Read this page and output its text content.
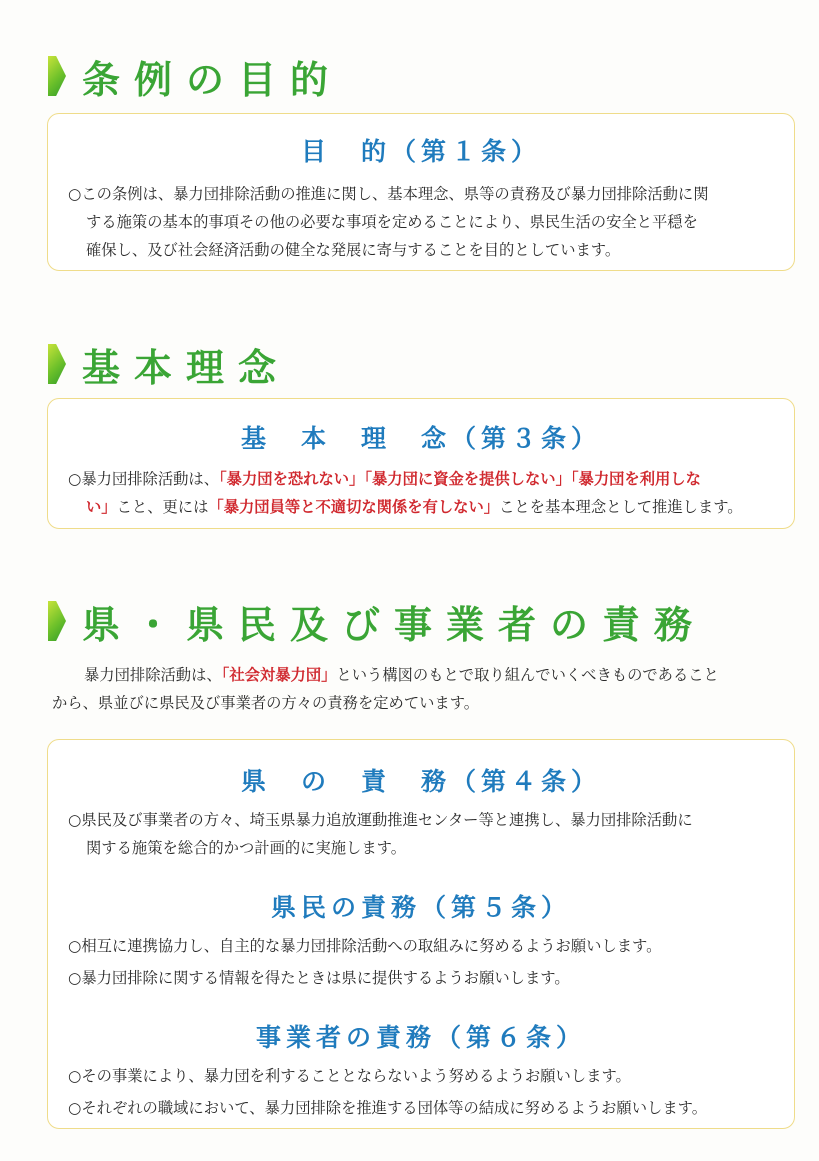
条例の目的
目　的（第１条）
○この条例は、暴力団排除活動の推進に関し、基本理念、県等の責務及び暴力団排除活動に関
する施策の基本的事項その他の必要な事項を定めることにより、県民生活の安全と平穏を
確保し、及び社会経済活動の健全な発展に寄与することを目的としています。
基本理念
基　本　理　念（第３条）
○暴力団排除活動は、「暴力団を恐れない」「暴力団に資金を提供しない」「暴力団を利用しな
い」こと、更には「暴力団員等と不適切な関係を有しない」ことを基本理念として推進します。
県・県民及び事業者の責務
暴力団排除活動は、「社会対暴力団」という構図のもとで取り組んでいくべきものであること
から、県並びに県民及び事業者の方々の責務を定めています。
県　の　責　務（第４条）
○県民及び事業者の方々、埼玉県暴力追放運動推進センター等と連携し、暴力団排除活動に
関する施策を総合的かつ計画的に実施します。
県民の責務（第５条）
○相互に連携協力し、自主的な暴力団排除活動への取組みに努めるようお願いします。
○暴力団排除に関する情報を得たときは県に提供するようお願いします。
事業者の責務（第６条）
○その事業により、暴力団を利することとならないよう努めるようお願いします。
○それぞれの職域において、暴力団排除を推進する団体等の結成に努めるようお願いします。
